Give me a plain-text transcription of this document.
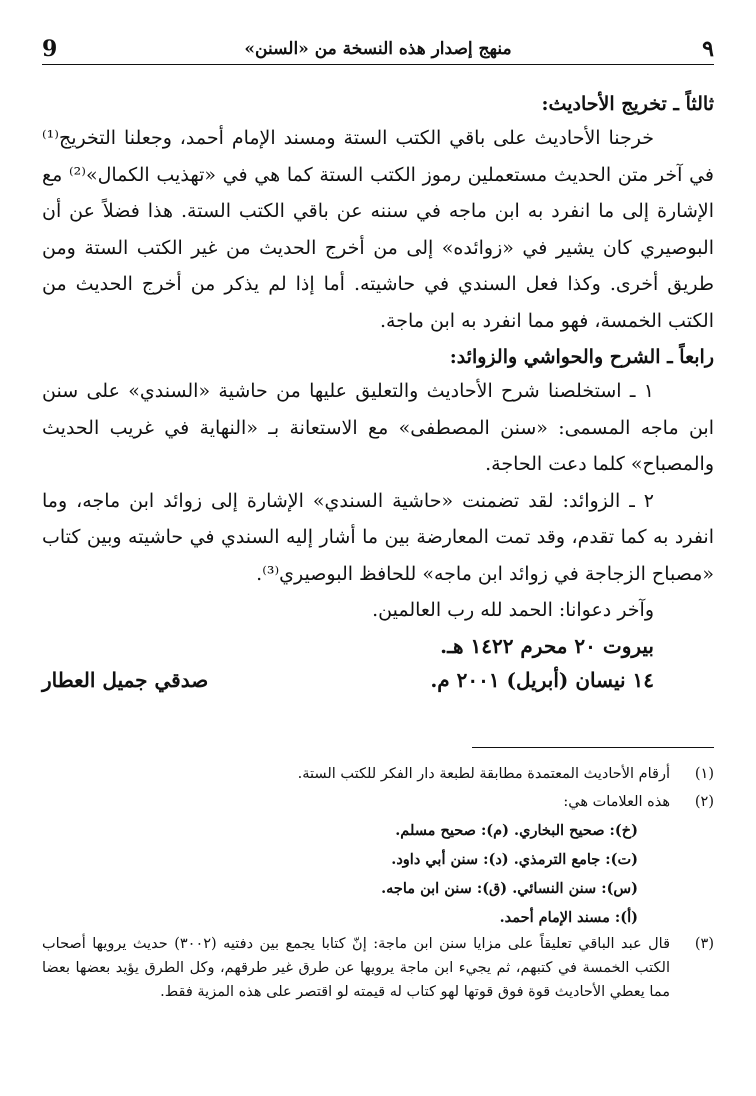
٩
منهج إصدار هذه النسخة من «السنن»
9

ثالثاً ـ تخريج الأحاديث:

خرجنا الأحاديث على باقي الكتب الستة ومسند الإمام أحمد، وجعلنا التخريج⁽¹⁾ في آخر متن الحديث مستعملين رموز الكتب الستة كما هي في «تهذيب الكمال»⁽²⁾ مع الإشارة إلى ما انفرد به ابن ماجه في سننه عن باقي الكتب الستة. هذا فضلاً عن أن البوصيري كان يشير في «زوائده» إلى من أخرج الحديث من غير الكتب الستة ومن طريق أخرى. وكذا فعل السندي في حاشيته. أما إذا لم يذكر من أخرج الحديث من الكتب الخمسة، فهو مما انفرد به ابن ماجة.

رابعاً ـ الشرح والحواشي والزوائد:

١ ـ استخلصنا شرح الأحاديث والتعليق عليها من حاشية «السندي» على سنن ابن ماجه المسمى: «سنن المصطفى» مع الاستعانة بـ «النهاية في غريب الحديث والمصباح» كلما دعت الحاجة.

٢ ـ الزوائد: لقد تضمنت «حاشية السندي» الإشارة إلى زوائد ابن ماجه، وما انفرد به كما تقدم، وقد تمت المعارضة بين ما أشار إليه السندي في حاشيته وبين كتاب «مصباح الزجاجة في زوائد ابن ماجه» للحافظ البوصيري⁽³⁾.

وآخر دعوانا: الحمد لله رب العالمين.

بيروت ٢٠ محرم ١٤٢٢ هـ.

١٤ نيسان (أبريل) ٢٠٠١ م.
صدقي جميل العطار

(١)
أرقام الأحاديث المعتمدة مطابقة لطبعة دار الفكر للكتب الستة.

(٢)
هذه العلامات هي:

(خ): صحيح البخاري. (م): صحيح مسلم.
(ت): جامع الترمذي. (د): سنن أبي داود.
(س): سنن النسائي. (ق): سنن ابن ماجه.
(أ): مسند الإمام أحمد.

(٣)
قال عبد الباقي تعليقاً على مزايا سنن ابن ماجة: إنّ كتابا يجمع بين دفتيه (٣٠٠٢) حديث يرويها أصحاب الكتب الخمسة في كتبهم، ثم يجيء ابن ماجة يرويها عن طرق غير طرقهم، وكل الطرق يؤيد بعضها بعضا مما يعطي الأحاديث قوة فوق قوتها لهو كتاب له قيمته لو اقتصر على هذه المزية فقط.
